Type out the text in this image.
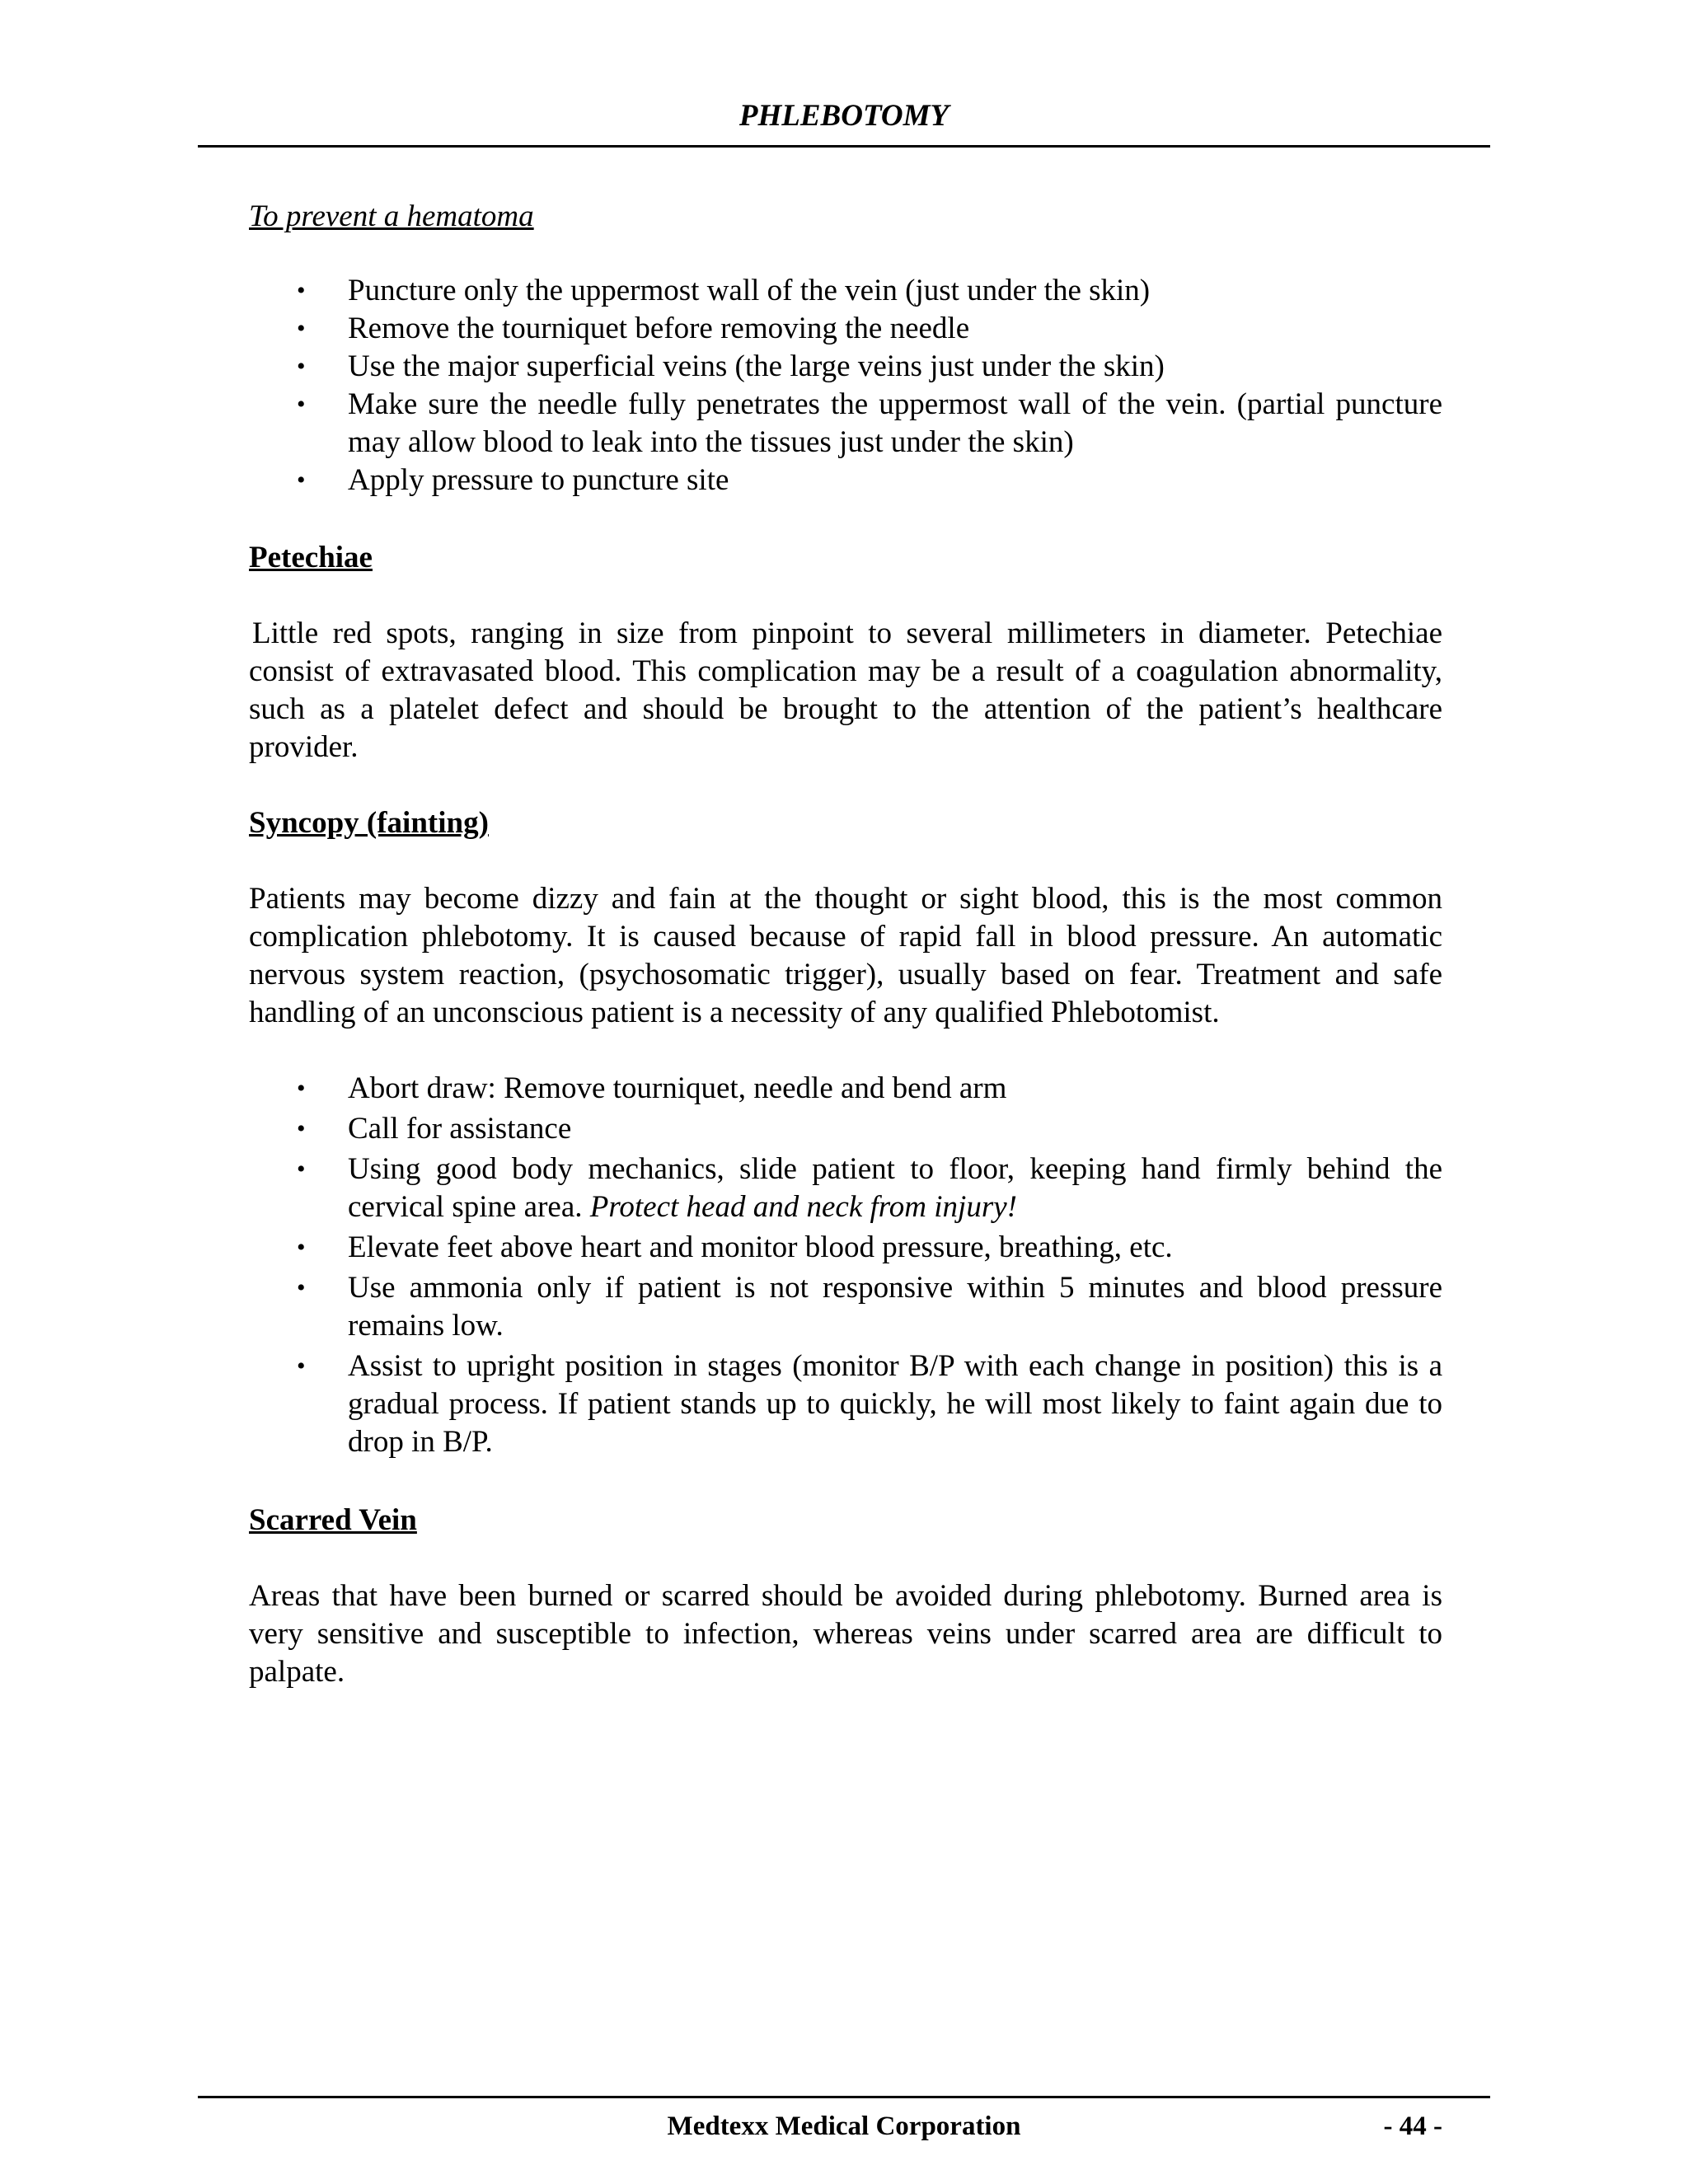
PHLEBOTOMY

To prevent a hematoma

• Puncture only the uppermost wall of the vein (just under the skin)
• Remove the tourniquet before removing the needle
• Use the major superficial veins (the large veins just under the skin)
• Make sure the needle fully penetrates the uppermost wall of the vein. (partial puncture may allow blood to leak into the tissues just under the skin)
• Apply pressure to puncture site

Petechiae

Little red spots, ranging in size from pinpoint to several millimeters in diameter. Petechiae consist of extravasated blood. This complication may be a result of a coagulation abnormality, such as a platelet defect and should be brought to the attention of the patient’s healthcare provider.

Syncopy (fainting)

Patients may become dizzy and fain at the thought or sight blood, this is the most common complication phlebotomy. It is caused because of rapid fall in blood pressure. An automatic nervous system reaction, (psychosomatic trigger), usually based on fear. Treatment and safe handling of an unconscious patient is a necessity of any qualified Phlebotomist.

• Abort draw: Remove tourniquet, needle and bend arm
• Call for assistance
• Using good body mechanics, slide patient to floor, keeping hand firmly behind the cervical spine area. Protect head and neck from injury!
• Elevate feet above heart and monitor blood pressure, breathing, etc.
• Use ammonia only if patient is not responsive within 5 minutes and blood pressure remains low.
• Assist to upright position in stages (monitor B/P with each change in position) this is a gradual process. If patient stands up to quickly, he will most likely to faint again due to drop in B/P.

Scarred Vein

Areas that have been burned or scarred should be avoided during phlebotomy. Burned area is very sensitive and susceptible to infection, whereas veins under scarred area are difficult to palpate.

Medtexx Medical Corporation	- 44 -
